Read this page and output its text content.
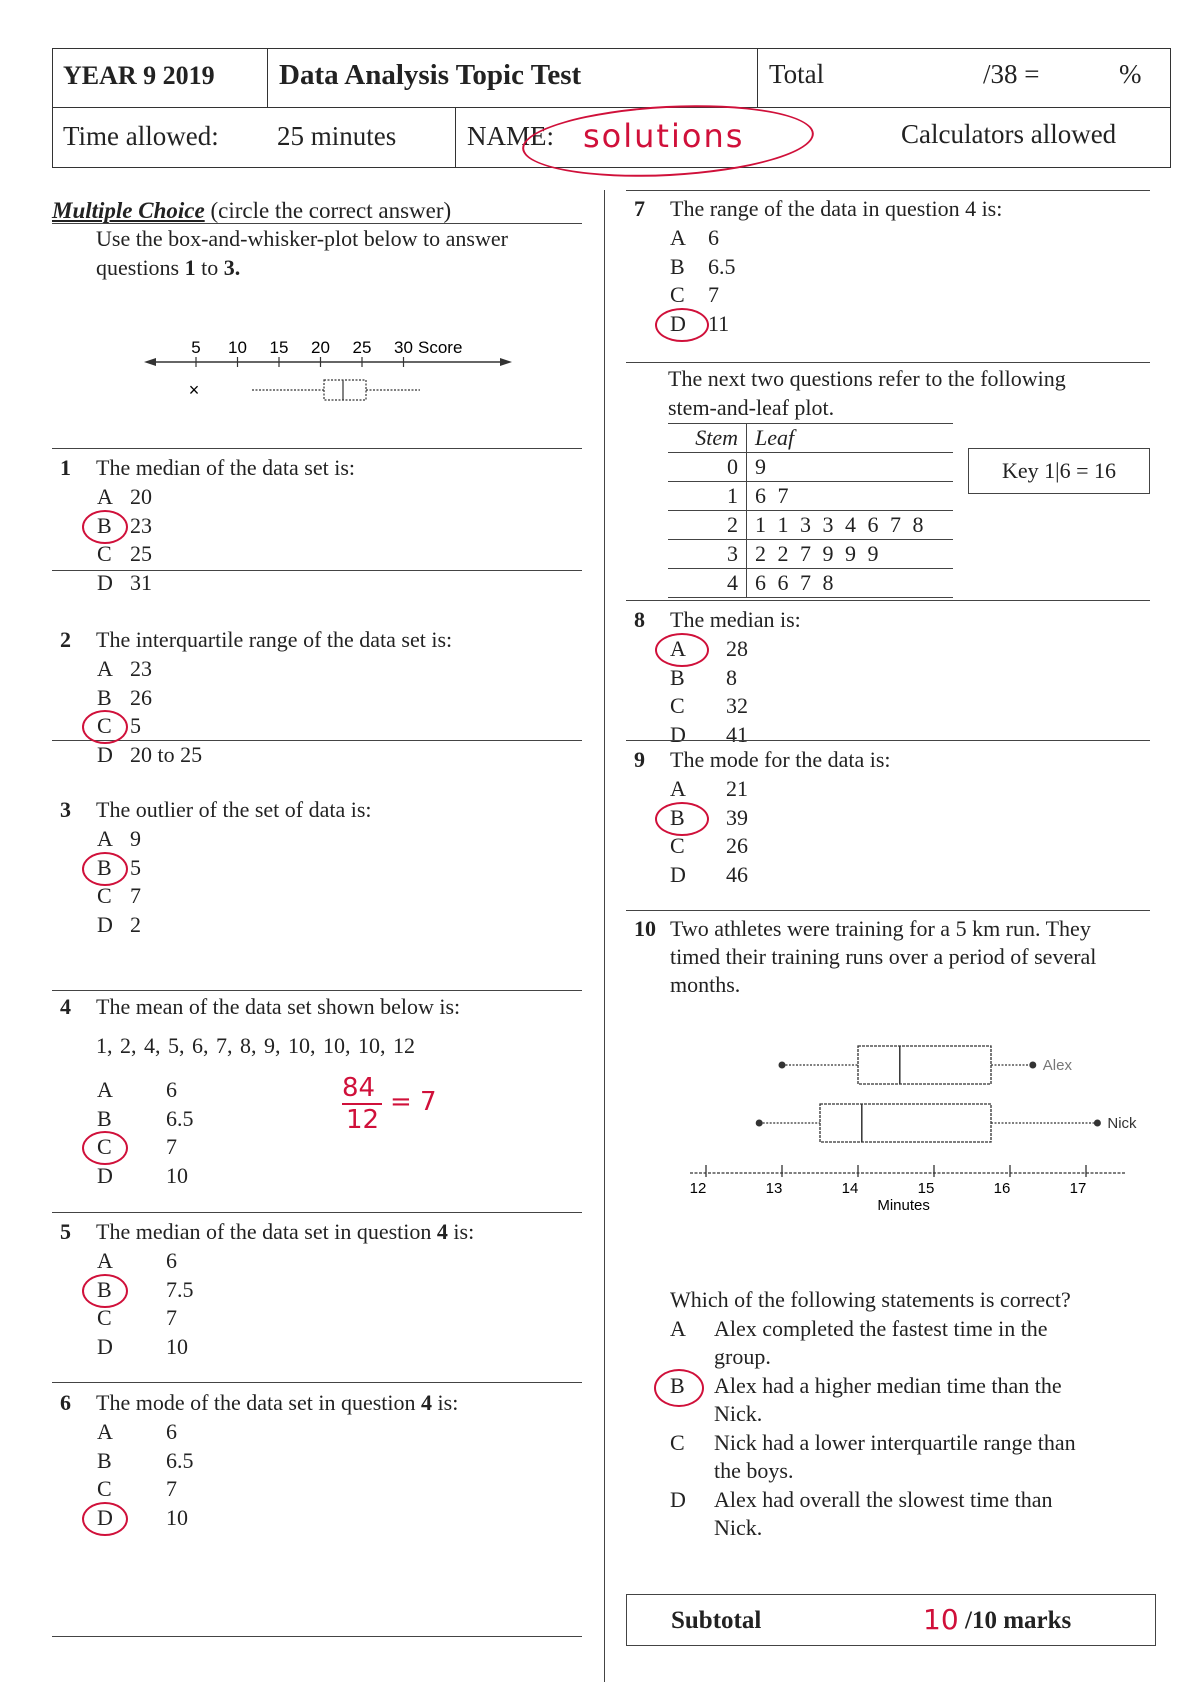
YEAR 9 2019 Data Analysis Topic Test	Total	/38 =	%
Time allowed: 25 minutes	NAME: solutions	Calculators allowed
Multiple Choice (circle the correct answer)
Use the box-and-whisker-plot below to answer
questions 1 to 3.
5 10 15 20 25 30 Score
×
1 The median of the data set is:
A 20
B 23
C 25
D 31
2 The interquartile range of the data set is:
A 23
B 26
C 5
D 20 to 25
3 The outlier of the set of data is:
A 9
B 5
C 7
D 2
4 The mean of the data set shown below is:
A 6
B 6.5
C 7
D 10
5 The median of the data set in question 4 is:
A 6
B 7.5
C 7
D 10
6 The mode of the data set in question 4 is:
A 6
B 6.5
C 7
D 10
1, 2, 4, 5, 6, 7, 8, 9, 10, 10, 10, 12
84
12
= 7
7 The range of the data in question 4 is:
A 6
B 6.5
C 7
D 11
8 The median is:
A 28
B 8
C 32
D 41
9 The mode for the data is:
A 21
B 39
C 26
D 46
The next two questions refer to the following
stem-and-leaf plot.
Stem	Leaf
0	9
1	6 7
2	1 1 3 3 4 6 7 8
3	2 2 7 9 9 9
4	6 6 7 8
Key 1|6 = 16
10 Two athletes were training for a 5 km run. They
timed their training runs over a period of several
months.
12	13	14	15	16	17
Minutes
Alex
Nick
Which of the following statements is correct?
A Alex completed the fastest time in the
group.
B Alex had a higher median time than the
Nick.
C Nick had a lower interquartile range than
the boys.
D Alex had overall the slowest time than
Nick.
Subtotal	10 /10 marks
